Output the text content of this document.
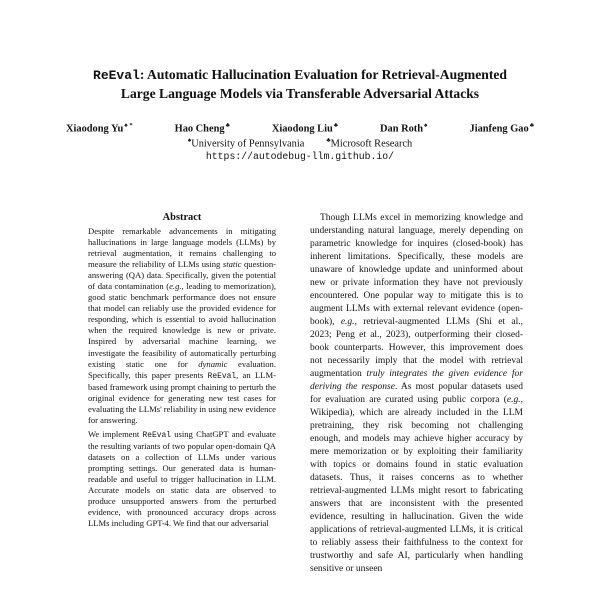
ReEval: Automatic Hallucination Evaluation for Retrieval-Augmented
Large Language Models via Transferable Adversarial Attacks
Xiaodong Yu♠ *	Hao Cheng♣	Xiaodong Liu♣	Dan Roth♠	Jianfeng Gao♣
♠University of Pennsylvania	♣Microsoft Research
https://autodebug-llm.github.io/
Abstract

Despite remarkable advancements in mitigating hallucinations in large language models (LLMs) by retrieval augmentation, it remains challenging to measure the reliability of LLMs using static question-answering (QA) data. Specifically, given the potential of data contamination (e.g., leading to memorization), good static benchmark performance does not ensure that model can reliably use the provided evidence for responding, which is essential to avoid hallucination when the required knowledge is new or private. Inspired by adversarial machine learning, we investigate the feasibility of automatically perturbing existing static one for dynamic evaluation. Specifically, this paper presents ReEval, an LLM-based framework using prompt chaining to perturb the original evidence for generating new test cases for evaluating the LLMs' reliability in using new evidence for answering.

We implement ReEval using ChatGPT and evaluate the resulting variants of two popular open-domain QA datasets on a collection of LLMs under various prompting settings. Our generated data is human-readable and useful to trigger hallucination in LLM. Accurate models on static data are observed to produce unsupported answers from the perturbed evidence, with pronounced accuracy drops across LLMs including GPT-4. We find that our adversarial

Though LLMs excel in memorizing knowledge and understanding natural language, merely depending on parametric knowledge for inquires (closed-book) has inherent limitations. Specifically, these models are unaware of knowledge update and uninformed about new or private information they have not previously encountered. One popular way to mitigate this is to augment LLMs with external relevant evidence (open-book), e.g., retrieval-augmented LLMs (Shi et al., 2023; Peng et al., 2023), outperforming their closed-book counterparts. However, this improvement does not necessarily imply that the model with retrieval augmentation truly integrates the given evidence for deriving the response. As most popular datasets used for evaluation are curated using public corpora (e.g., Wikipedia), which are already included in the LLM pretraining, they risk becoming not challenging enough, and models may achieve higher accuracy by mere memorization or by exploiting their familiarity with topics or domains found in static evaluation datasets. Thus, it raises concerns as to whether retrieval-augmented LLMs might resort to fabricating answers that are inconsistent with the presented evidence, resulting in hallucination. Given the wide applications of retrieval-augmented LLMs, it is critical to reliably assess their faithfulness to the context for trustworthy and safe AI, particularly when handling sensitive or unseen
